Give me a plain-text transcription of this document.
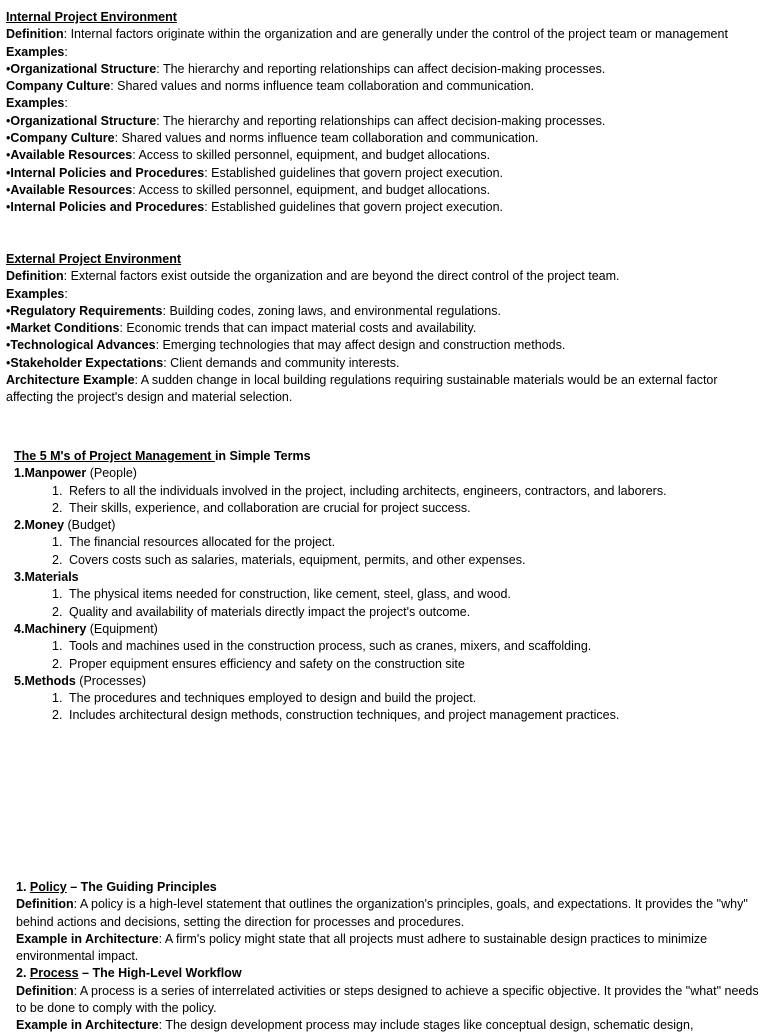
Internal Project Environment
Definition: Internal factors originate within the organization and are generally under the control of the project team or management
Examples:
•Organizational Structure: The hierarchy and reporting relationships can affect decision-making processes.
Company Culture: Shared values and norms influence team collaboration and communication.
Examples:
•Organizational Structure: The hierarchy and reporting relationships can affect decision-making processes.
•Company Culture: Shared values and norms influence team collaboration and communication.
•Available Resources: Access to skilled personnel, equipment, and budget allocations.
•Internal Policies and Procedures: Established guidelines that govern project execution.
•Available Resources: Access to skilled personnel, equipment, and budget allocations.
•Internal Policies and Procedures: Established guidelines that govern project execution.
External Project Environment
Definition: External factors exist outside the organization and are beyond the direct control of the project team.
Examples:
•Regulatory Requirements: Building codes, zoning laws, and environmental regulations.
•Market Conditions: Economic trends that can impact material costs and availability.
•Technological Advances: Emerging technologies that may affect design and construction methods.
•Stakeholder Expectations: Client demands and community interests.
Architecture Example: A sudden change in local building regulations requiring sustainable materials would be an external factor affecting the project's design and material selection.
The 5 M's of Project Management in Simple Terms
1.Manpower (People)
1. Refers to all the individuals involved in the project, including architects, engineers, contractors, and laborers.
2. Their skills, experience, and collaboration are crucial for project success.
2.Money (Budget)
1. The financial resources allocated for the project.
2. Covers costs such as salaries, materials, equipment, permits, and other expenses.
3.Materials
1. The physical items needed for construction, like cement, steel, glass, and wood.
2. Quality and availability of materials directly impact the project's outcome.
4.Machinery (Equipment)
1. Tools and machines used in the construction process, such as cranes, mixers, and scaffolding.
2. Proper equipment ensures efficiency and safety on the construction site
5.Methods (Processes)
1. The procedures and techniques employed to design and build the project.
2. Includes architectural design methods, construction techniques, and project management practices.
1. Policy – The Guiding Principles
Definition: A policy is a high-level statement that outlines the organization's principles, goals, and expectations. It provides the "why" behind actions and decisions, setting the direction for processes and procedures.
Example in Architecture: A firm's policy might state that all projects must adhere to sustainable design practices to minimize environmental impact.
2. Process – The High-Level Workflow
Definition: A process is a series of interrelated activities or steps designed to achieve a specific objective. It provides the "what" needs to be done to comply with the policy.
Example in Architecture: The design development process may include stages like conceptual design, schematic design,
